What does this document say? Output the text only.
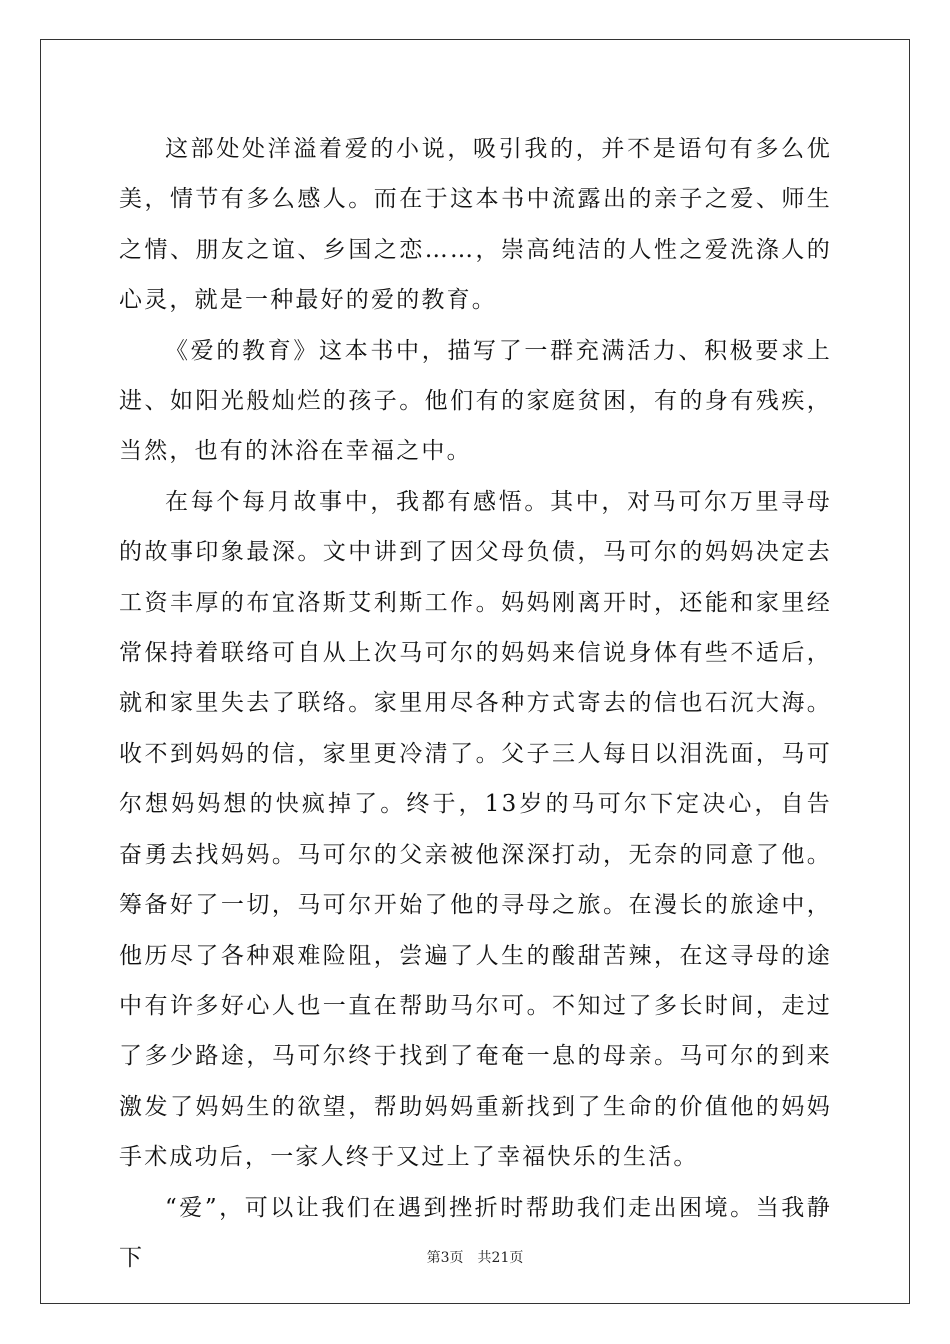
这部处处洋溢着爱的小说，吸引我的，并不是语句有多么优美，情节有多么感人。而在于这本书中流露出的亲子之爱、师生之情、朋友之谊、乡国之恋……，崇高纯洁的人性之爱洗涤人的心灵，就是一种最好的爱的教育。

《爱的教育》这本书中，描写了一群充满活力、积极要求上进、如阳光般灿烂的孩子。他们有的家庭贫困，有的身有残疾，当然，也有的沐浴在幸福之中。

在每个每月故事中，我都有感悟。其中，对马可尔万里寻母的故事印象最深。文中讲到了因父母负债，马可尔的妈妈决定去工资丰厚的布宜洛斯艾利斯工作。妈妈刚离开时，还能和家里经常保持着联络可自从上次马可尔的妈妈来信说身体有些不适后，就和家里失去了联络。家里用尽各种方式寄去的信也石沉大海。收不到妈妈的信，家里更冷清了。父子三人每日以泪洗面，马可尔想妈妈想的快疯掉了。终于，13岁的马可尔下定决心，自告奋勇去找妈妈。马可尔的父亲被他深深打动，无奈的同意了他。筹备好了一切，马可尔开始了他的寻母之旅。在漫长的旅途中，他历尽了各种艰难险阻，尝遍了人生的酸甜苦辣，在这寻母的途中有许多好心人也一直在帮助马尔可。不知过了多长时间，走过了多少路途，马可尔终于找到了奄奄一息的母亲。马可尔的到来激发了妈妈生的欲望，帮助妈妈重新找到了生命的价值他的妈妈手术成功后，一家人终于又过上了幸福快乐的生活。

“爱”，可以让我们在遇到挫折时帮助我们走出困境。当我静下	第3页　共21页
